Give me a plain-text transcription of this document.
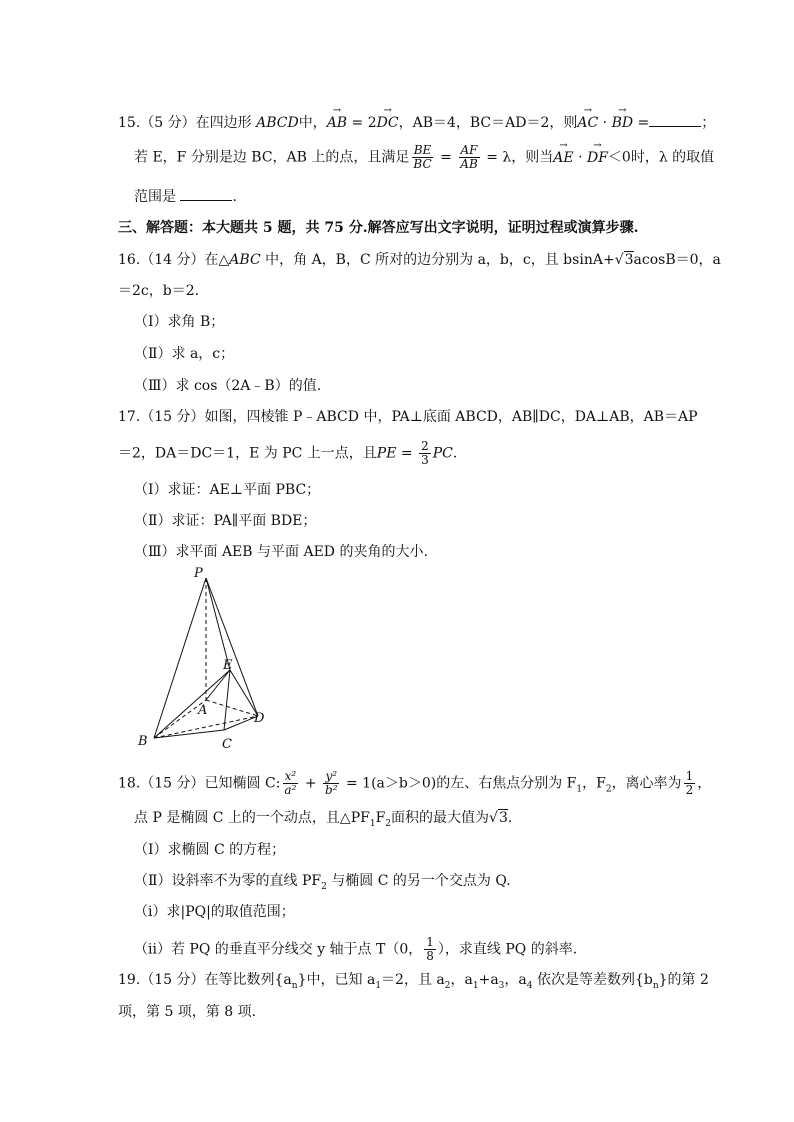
15.（5 分）在四边形 ABCD中，→ AB = 2→ DC，AB＝4，BC＝AD＝2，则→ AC · → BD =	；
若 E，F 分别是边 BC，AB 上的点，且满足 $\frac{BE}{BC} = \frac{AF}{AB} = \lambda$，则当→ AE · → DF＜0时，λ 的取值
范围是	.
三、解答题：本大题共 5 题，共 75 分.解答应写出文字说明，证明过程或演算步骤.
16.（14 分）在△ABC 中，角 A，B，C 所对的边分别为 a，b，c，且 bsinA+√3acosB＝0，a
＝2c，b＝2.
（Ⅰ）求角 B；
（Ⅱ）求 a，c；
（Ⅲ）求 cos（2A﹣B）的值.
17.（15 分）如图，四棱锥 P﹣ABCD 中，PA⊥底面 ABCD，AB∥DC，DA⊥AB，AB＝AP
＝2，DA＝DC＝1，E 为 PC 上一点，且PE = $\frac{2}{3}$ PC.
（Ⅰ）求证：AE⊥平面 PBC；
（Ⅱ）求证：PA∥平面 BDE；
（Ⅲ）求平面 AEB 与平面 AED 的夹角的大小.
P
E
A
D
B	C
18.（15 分）已知椭圆 C: $\frac{\text{x²}}{\text{a²}} + \frac{\text{y²}}{\text{b²}} = 1(a>b>0)$的左、右焦点分别为 $F_1$，$F_2$，离心率为 $\frac{1}{2}$ ，
点 P 是椭圆 C 上的一个动点，且$\triangle PF_1F_2$面积的最大值为√3.
（Ⅰ）求椭圆 C 的方程；
（Ⅱ）设斜率不为零的直线 $PF_2$ 与椭圆 C 的另一个交点为 Q.
（ⅰ）求|PQ|的取值范围；
（ⅱ）若 PQ 的垂直平分线交 y 轴于点 T（0， $\frac{1}{8}$ ），求直线 PQ 的斜率.
19.（15 分）在等比数列$\{a_n\}$中，已知 $a_1=2$，且 $a_2$，$a_1+a_3$，$a_4$ 依次是等差数列$\{b_n\}$的第 2
项，第 5 项，第 8 项.
